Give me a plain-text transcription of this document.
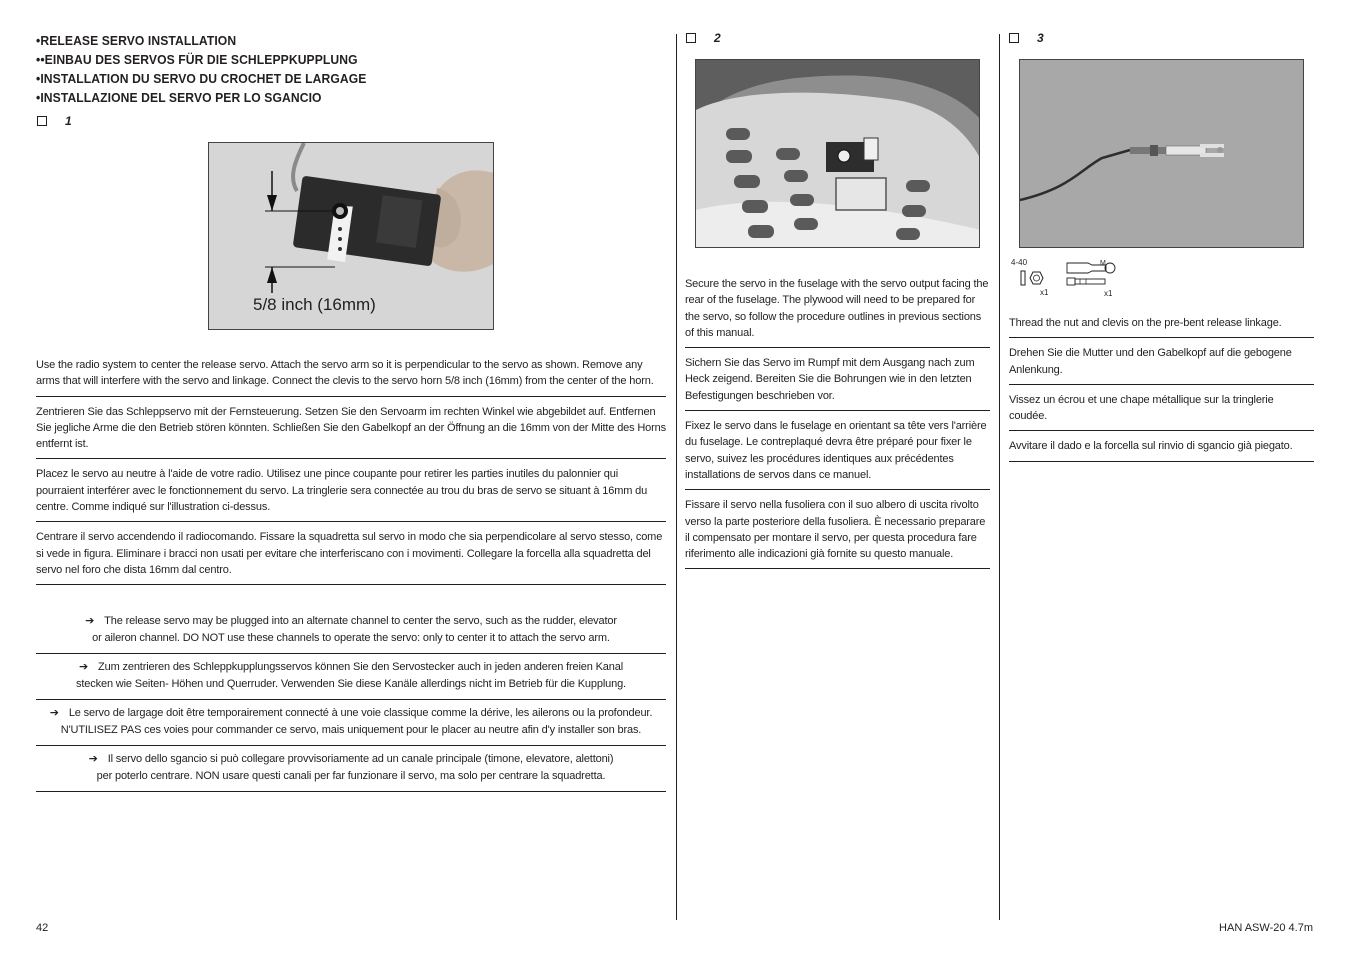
•RELEASE SERVO INSTALLATION
••EINBAU DES SERVOS FÜR DIE SCHLEPPKUPPLUNG
•INSTALLATION DU SERVO DU CROCHET DE LARGAGE
•INSTALLAZIONE DEL SERVO PER LO SGANCIO
1
5/8 inch (16mm)
Use the radio system to center the release servo. Attach the servo arm so it is perpendicular to the servo as shown. Remove any arms that will interfere with the servo and linkage. Connect the clevis to the servo horn 5/8 inch (16mm) from the center of the horn.
Zentrieren Sie das Schleppservo mit der Fernsteuerung. Setzen Sie den Servoarm im rechten Winkel wie abgebildet auf. Entfernen Sie jegliche Arme die den Betrieb stören könnten. Schließen Sie den Gabelkopf an der Öffnung an die 16mm von der Mitte des Horns entfernt ist.
Placez le servo au neutre à l'aide de votre radio. Utilisez une pince coupante pour retirer les parties inutiles du palonnier qui pourraient interférer avec le fonctionnement du servo. La tringlerie sera connectée au trou du bras de servo se situant à 16mm du centre. Comme indiqué sur l'illustration ci-dessus.
Centrare il servo accendendo il radiocomando. Fissare la squadretta sul servo in modo che sia perpendicolare al servo stesso, come si vede in figura. Eliminare i bracci non usati per evitare che interferiscano con i movimenti. Collegare la forcella alla squadretta del servo nel foro che dista 16mm dal centro.
➔ The release servo may be plugged into an alternate channel to center the servo, such as the rudder, elevator
or aileron channel. DO NOT use these channels to operate the servo: only to center it to attach the servo arm.
➔ Zum zentrieren des Schleppkupplungsservos können Sie den Servostecker auch in jeden anderen freien Kanal
stecken wie Seiten- Höhen und Querruder. Verwenden Sie diese Kanäle allerdings nicht im Betrieb für die Kupplung.
➔ Le servo de largage doit être temporairement connecté à une voie classique comme la dérive, les ailerons ou la profondeur.
N'UTILISEZ PAS ces voies pour commander ce servo, mais uniquement pour le placer au neutre afin d'y installer son bras.
➔ Il servo dello sgancio si può collegare provvisoriamente ad un canale principale (timone, elevatore, alettoni)
per poterlo centrare. NON usare questi canali per far funzionare il servo, ma solo per centrare la squadretta.
2
Secure the servo in the fuselage with the servo output facing the rear of the fuselage. The plywood will need to be prepared for the servo, so follow the procedure outlines in previous sections of this manual.
Sichern Sie das Servo im Rumpf mit dem Ausgang nach zum Heck zeigend. Bereiten Sie die Bohrungen wie in den letzten Befestigungen beschrieben vor.
Fixez le servo dans le fuselage en orientant sa tête vers l'arrière du fuselage. Le contreplaqué devra être préparé pour fixer le servo, suivez les procédures identiques aux précédentes installations de servos dans ce manuel.
Fissare il servo nella fusoliera con il suo albero di uscita rivolto verso la parte posteriore della fusoliera. È necessario preparare il compensato per montare il servo, per questa procedura fare riferimento alle indicazioni già fornite su questo manuale.
3
4-40
x1
M
x1
Thread the nut and clevis on the pre-bent release linkage.
Drehen Sie die Mutter und den Gabelkopf auf die gebogene Anlenkung.
Vissez un écrou et une chape métallique sur la tringlerie coudée.
Avvitare il dado e la forcella sul rinvio di sgancio già piegato.
42	HAN ASW-20 4.7m
